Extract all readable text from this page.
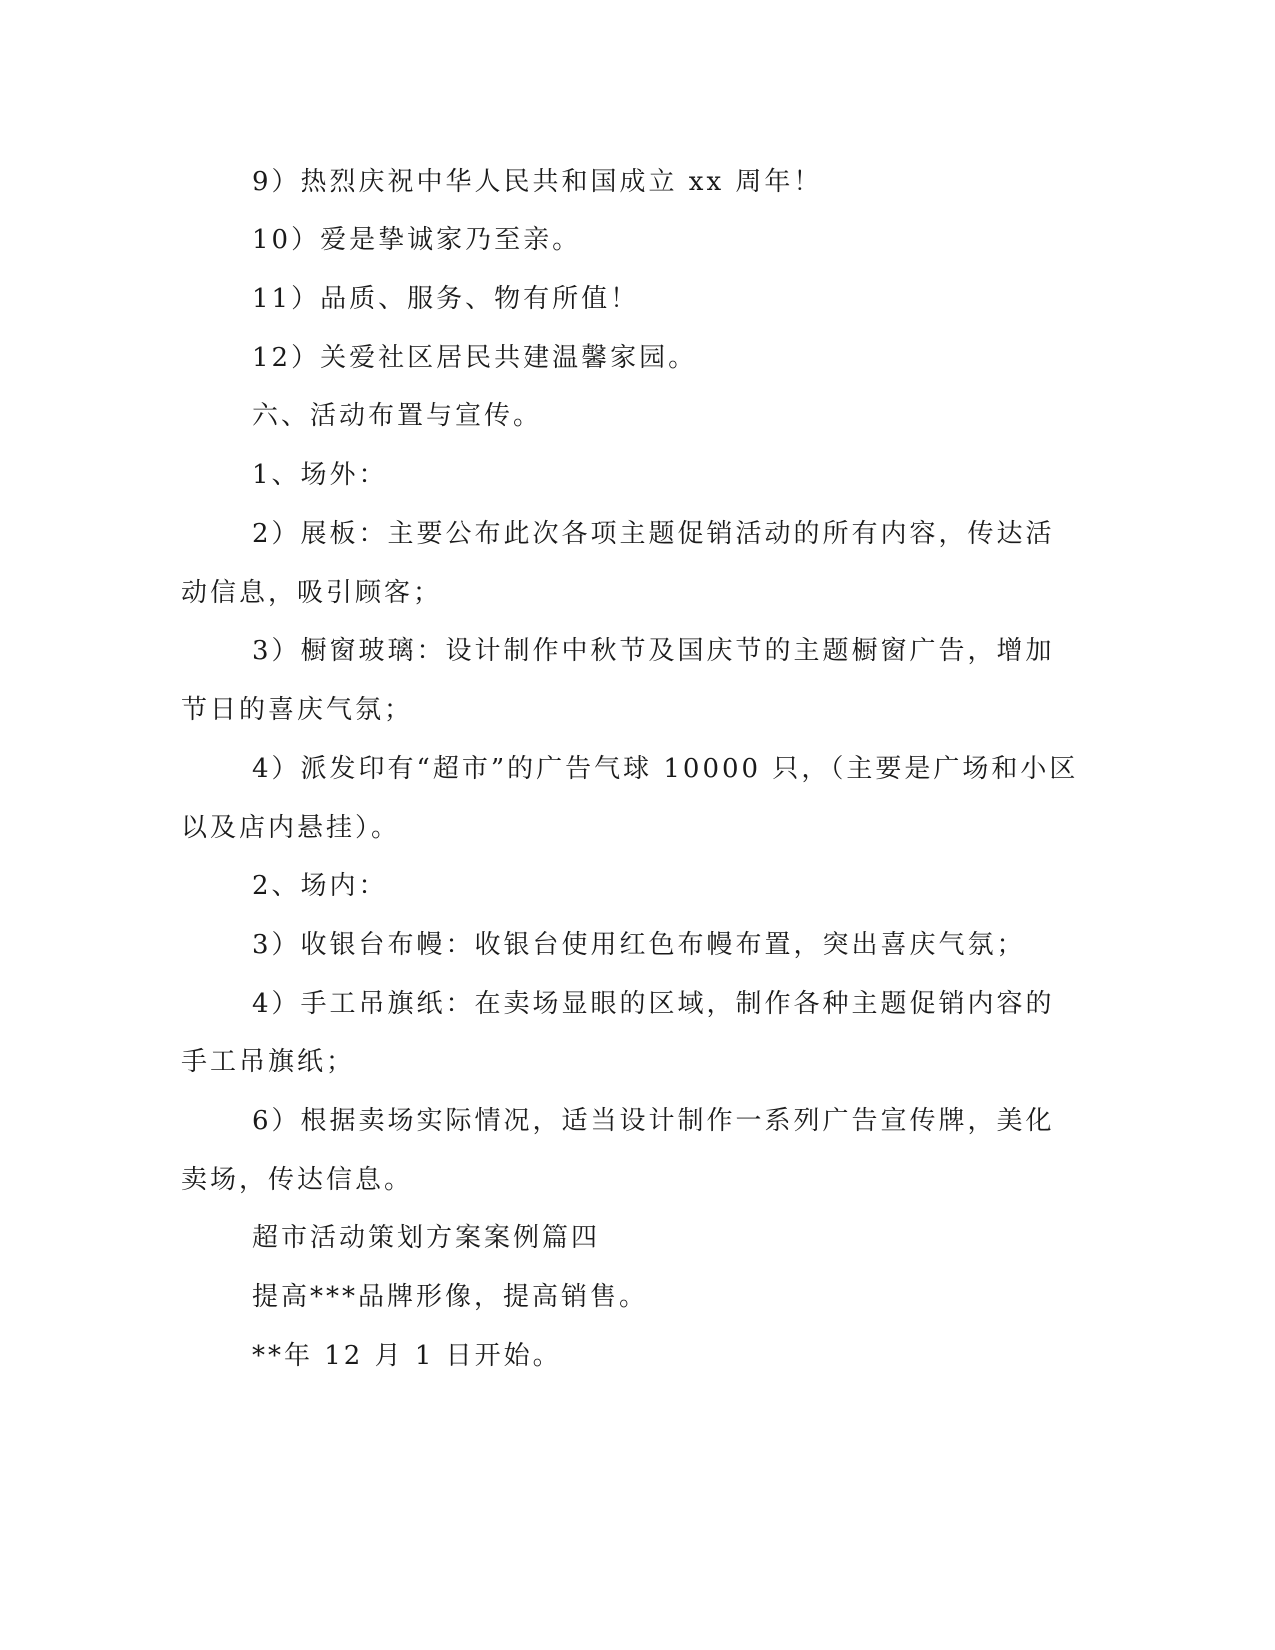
9）热烈庆祝中华人民共和国成立 xx 周年！
10）爱是挚诚家乃至亲。
11）品质、服务、物有所值！
12）关爱社区居民共建温馨家园。
六、活动布置与宣传。
1、场外：
2）展板：主要公布此次各项主题促销活动的所有内容，传达活
动信息，吸引顾客；
3）橱窗玻璃：设计制作中秋节及国庆节的主题橱窗广告，增加
节日的喜庆气氛；
4）派发印有“超市”的广告气球 10000 只，（主要是广场和小区
以及店内悬挂）。
2、场内：
3）收银台布幔：收银台使用红色布幔布置，突出喜庆气氛；
4）手工吊旗纸：在卖场显眼的区域，制作各种主题促销内容的
手工吊旗纸；
6）根据卖场实际情况，适当设计制作一系列广告宣传牌，美化
卖场，传达信息。
超市活动策划方案案例篇四
提高***品牌形像，提高销售。
**年 12 月 1 日开始。
